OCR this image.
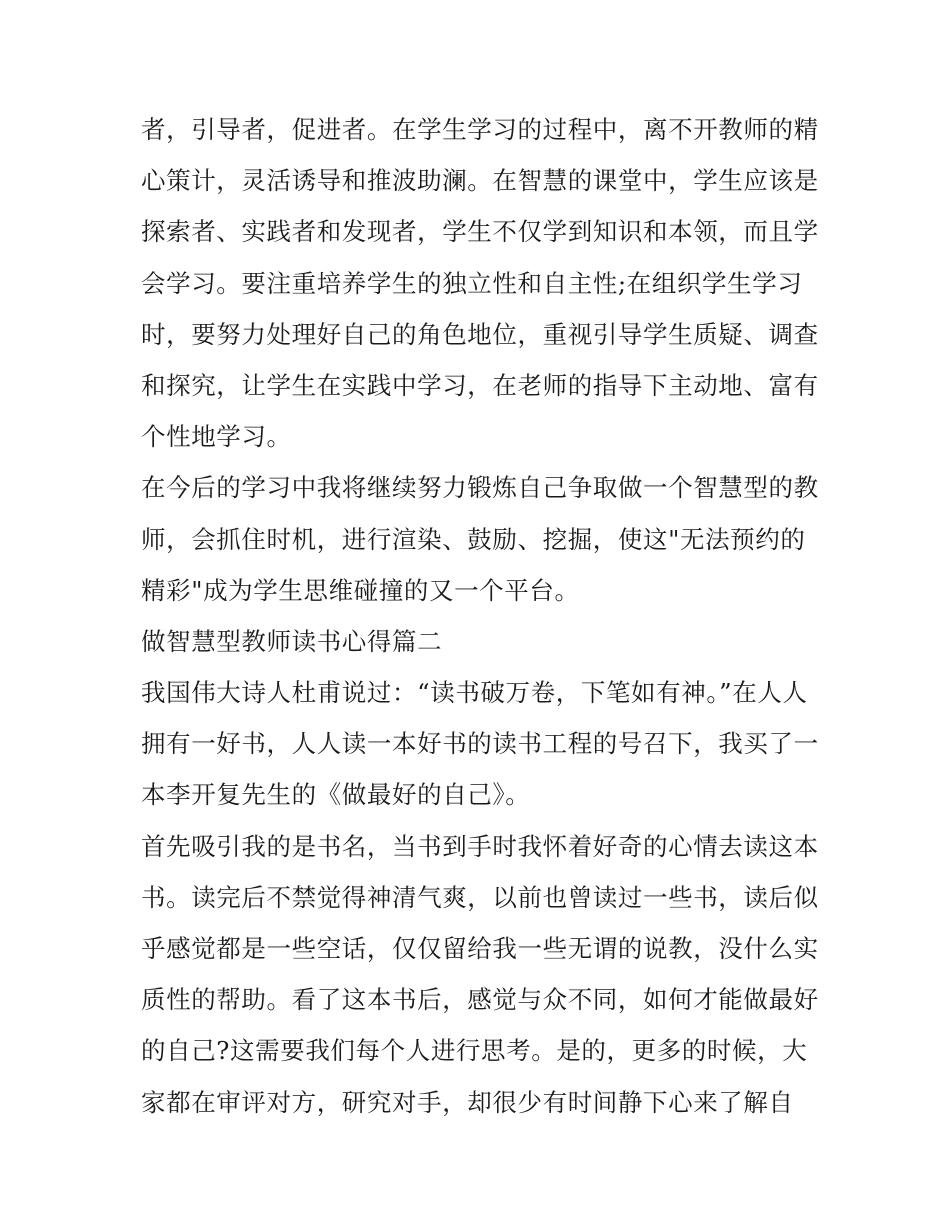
者，引导者，促进者。在学生学习的过程中，离不开教师的精
心策计，灵活诱导和推波助澜。在智慧的课堂中，学生应该是
探索者、实践者和发现者，学生不仅学到知识和本领，而且学
会学习。要注重培养学生的独立性和自主性;在组织学生学习
时，要努力处理好自己的角色地位，重视引导学生质疑、调查
和探究，让学生在实践中学习，在老师的指导下主动地、富有
个性地学习。
在今后的学习中我将继续努力锻炼自己争取做一个智慧型的教
师，会抓住时机，进行渲染、鼓励、挖掘，使这"无法预约的
精彩"成为学生思维碰撞的又一个平台。
做智慧型教师读书心得篇二
我国伟大诗人杜甫说过：“读书破万卷，下笔如有神。”在人人
拥有一好书，人人读一本好书的读书工程的号召下，我买了一
本李开复先生的《做最好的自己》。
首先吸引我的是书名，当书到手时我怀着好奇的心情去读这本
书。读完后不禁觉得神清气爽，以前也曾读过一些书，读后似
乎感觉都是一些空话，仅仅留给我一些无谓的说教，没什么实
质性的帮助。看了这本书后，感觉与众不同，如何才能做最好
的自己?这需要我们每个人进行思考。是的，更多的时候，大
家都在审评对方，研究对手，却很少有时间静下心来了解自
